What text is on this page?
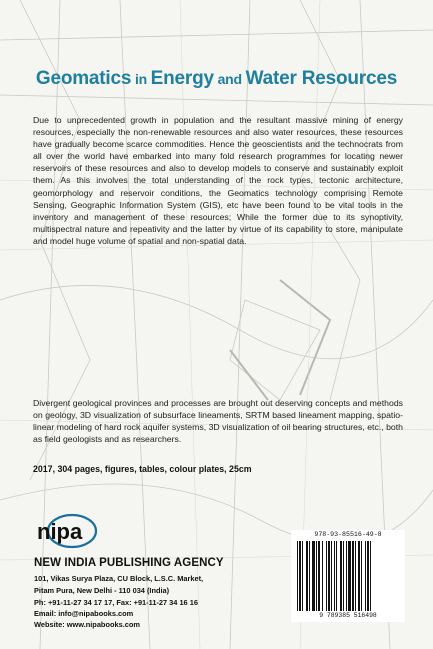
Geomatics in Energy and Water Resources

Due to unprecedented growth in population and the resultant massive mining of energy resources, especially the non-renewable resources and also water resources, these resources have gradually become scarce commodities. Hence the geoscientists and the technocrats from all over the world have embarked into many fold research programmes for locating newer reservoirs of these resources and also to develop models to conserve and sustainably exploit them. As this involves the total understanding of the rock types, tectonic architecture, geomorphology and reservoir conditions, the Geomatics technology comprising Remote Sensing, Geographic Information System (GIS), etc have been found to be vital tools in the inventory and management of these resources; While the former due to its synoptivity, multispectral nature and repeativity and the latter by virtue of its capability to store, manipulate and model huge volume of spatial and non-spatial data.

Divergent geological provinces and processes are brought out deserving concepts and methods on geology, 3D visualization of subsurface lineaments, SRTM based lineament mapping, spatio-linear modeling of hard rock aquifer systems, 3D visualization of oil bearing structures, etc., both as field geologists and as researchers.

2017, 304 pages, figures, tables, colour plates, 25cm
nipa
NEW INDIA PUBLISHING AGENCY
101, Vikas Surya Plaza, CU Block, L.S.C. Market,
Pitam Pura, New Delhi - 110 034 (India)
Ph: +91-11-27 34 17 17, Fax: +91-11-27 34 16 16
Email: info@nipabooks.com
Website: www.nipabooks.com
978-93-85516-49-8
9 789385 516498
